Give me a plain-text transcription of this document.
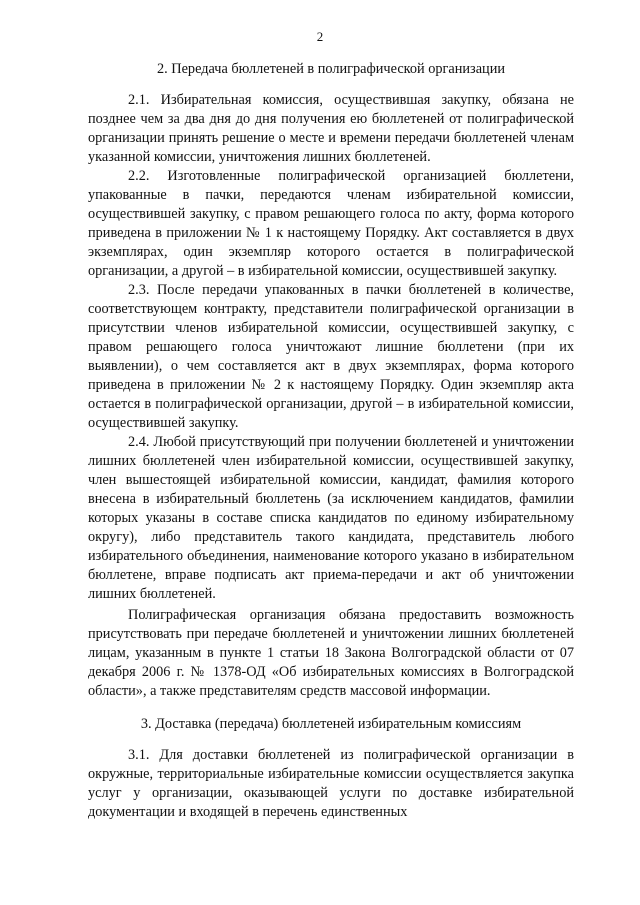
2

2. Передача бюллетеней в полиграфической организации

2.1. Избирательная комиссия, осуществившая закупку, обязана не позднее чем за два дня до дня получения ею бюллетеней от полиграфической организации принять решение о месте и времени передачи бюллетеней членам указанной комиссии, уничтожения лишних бюллетеней.

2.2. Изготовленные полиграфической организацией бюллетени, упакованные в пачки, передаются членам избирательной комиссии, осуществившей закупку, с правом решающего голоса по акту, форма которого приведена в приложении № 1 к настоящему Порядку. Акт составляется в двух экземплярах, один экземпляр которого остается в полиграфической организации, а другой – в избирательной комиссии, осуществившей закупку.

2.3. После передачи упакованных в пачки бюллетеней в количестве, соответствующем контракту, представители полиграфической организации в присутствии членов избирательной комиссии, осуществившей закупку, с правом решающего голоса уничтожают лишние бюллетени (при их выявлении), о чем составляется акт в двух экземплярах, форма которого приведена в приложении № 2 к настоящему Порядку. Один экземпляр акта остается в полиграфической организации, другой – в избирательной комиссии, осуществившей закупку.

2.4. Любой присутствующий при получении бюллетеней и уничтожении лишних бюллетеней член избирательной комиссии, осуществившей закупку, член вышестоящей избирательной комиссии, кандидат, фамилия которого внесена в избирательный бюллетень (за исключением кандидатов, фамилии которых указаны в составе списка кандидатов по единому избирательному округу), либо представитель такого кандидата, представитель любого избирательного объединения, наименование которого указано в избирательном бюллетене, вправе подписать акт приема-передачи и акт об уничтожении лишних бюллетеней.

Полиграфическая организация обязана предоставить возможность присутствовать при передаче бюллетеней и уничтожении лишних бюллетеней лицам, указанным в пункте 1 статьи 18 Закона Волгоградской области от 07 декабря 2006 г. № 1378-ОД «Об избирательных комиссиях в Волгоградской области», а также представителям средств массовой информации.

3. Доставка (передача) бюллетеней избирательным комиссиям

3.1. Для доставки бюллетеней из полиграфической организации в окружные, территориальные избирательные комиссии осуществляется закупка услуг у организации, оказывающей услуги по доставке избирательной документации и входящей в перечень единственных
